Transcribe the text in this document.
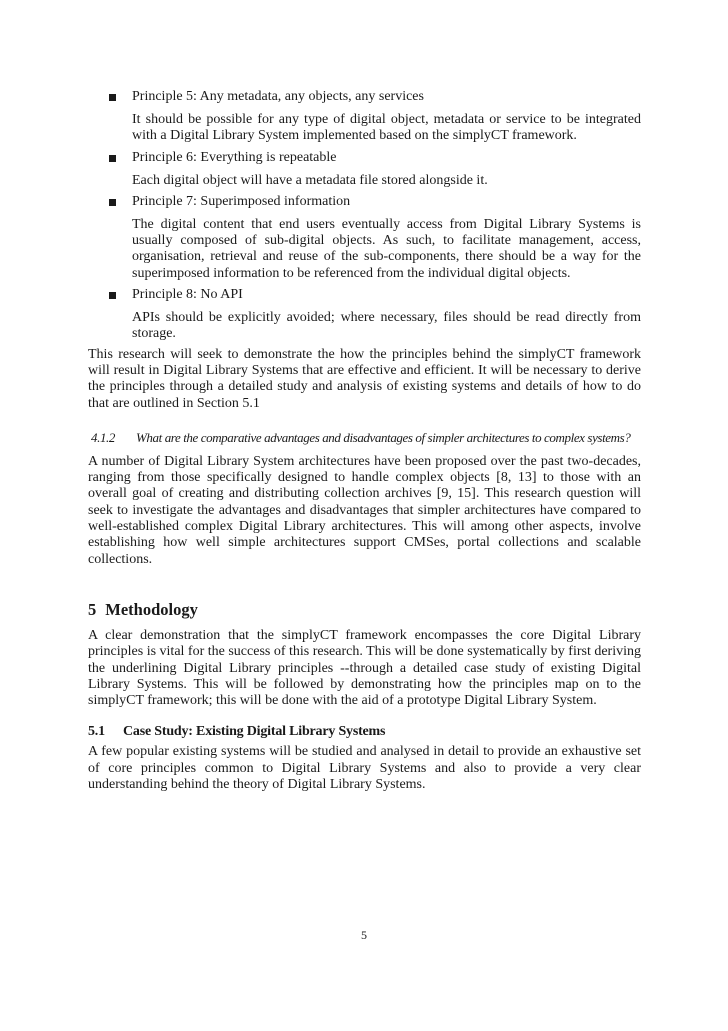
Principle 5: Any metadata, any objects, any services

It should be possible for any type of digital object, metadata or service to be integrated with a Digital Library System implemented based on the simplyCT framework.

Principle 6: Everything is repeatable

Each digital object will have a metadata file stored alongside it.

Principle 7: Superimposed information

The digital content that end users eventually access from Digital Library Systems is usually composed of sub-digital objects. As such, to facilitate management, access, organisation, retrieval and reuse of the sub-components, there should be a way for the superimposed information to be referenced from the individual digital objects.

Principle 8: No API

APIs should be explicitly avoided; where necessary, files should be read directly from storage.

This research will seek to demonstrate the how the principles behind the simplyCT framework will result in Digital Library Systems that are effective and efficient. It will be necessary to derive the principles through a detailed study and analysis of existing systems and details of how to do that are outlined in Section 5.1

4.1.2 What are the comparative advantages and disadvantages of simpler architectures to complex systems?

A number of Digital Library System architectures have been proposed over the past two-decades, ranging from those specifically designed to handle complex objects [8, 13] to those with an overall goal of creating and distributing collection archives [9, 15]. This research question will seek to investigate the advantages and disadvantages that simpler architectures have compared to well-established complex Digital Library architectures. This will among other aspects, involve establishing how well simple architectures support CMSes, portal collections and scalable collections.

5 Methodology

A clear demonstration that the simplyCT framework encompasses the core Digital Library principles is vital for the success of this research. This will be done systematically by first deriving the underlining Digital Library principles --through a detailed case study of existing Digital Library Systems. This will be followed by demonstrating how the principles map on to the simplyCT framework; this will be done with the aid of a prototype Digital Library System.

5.1 Case Study: Existing Digital Library Systems

A few popular existing systems will be studied and analysed in detail to provide an exhaustive set of core principles common to Digital Library Systems and also to provide a very clear understanding behind the theory of Digital Library Systems.

5
